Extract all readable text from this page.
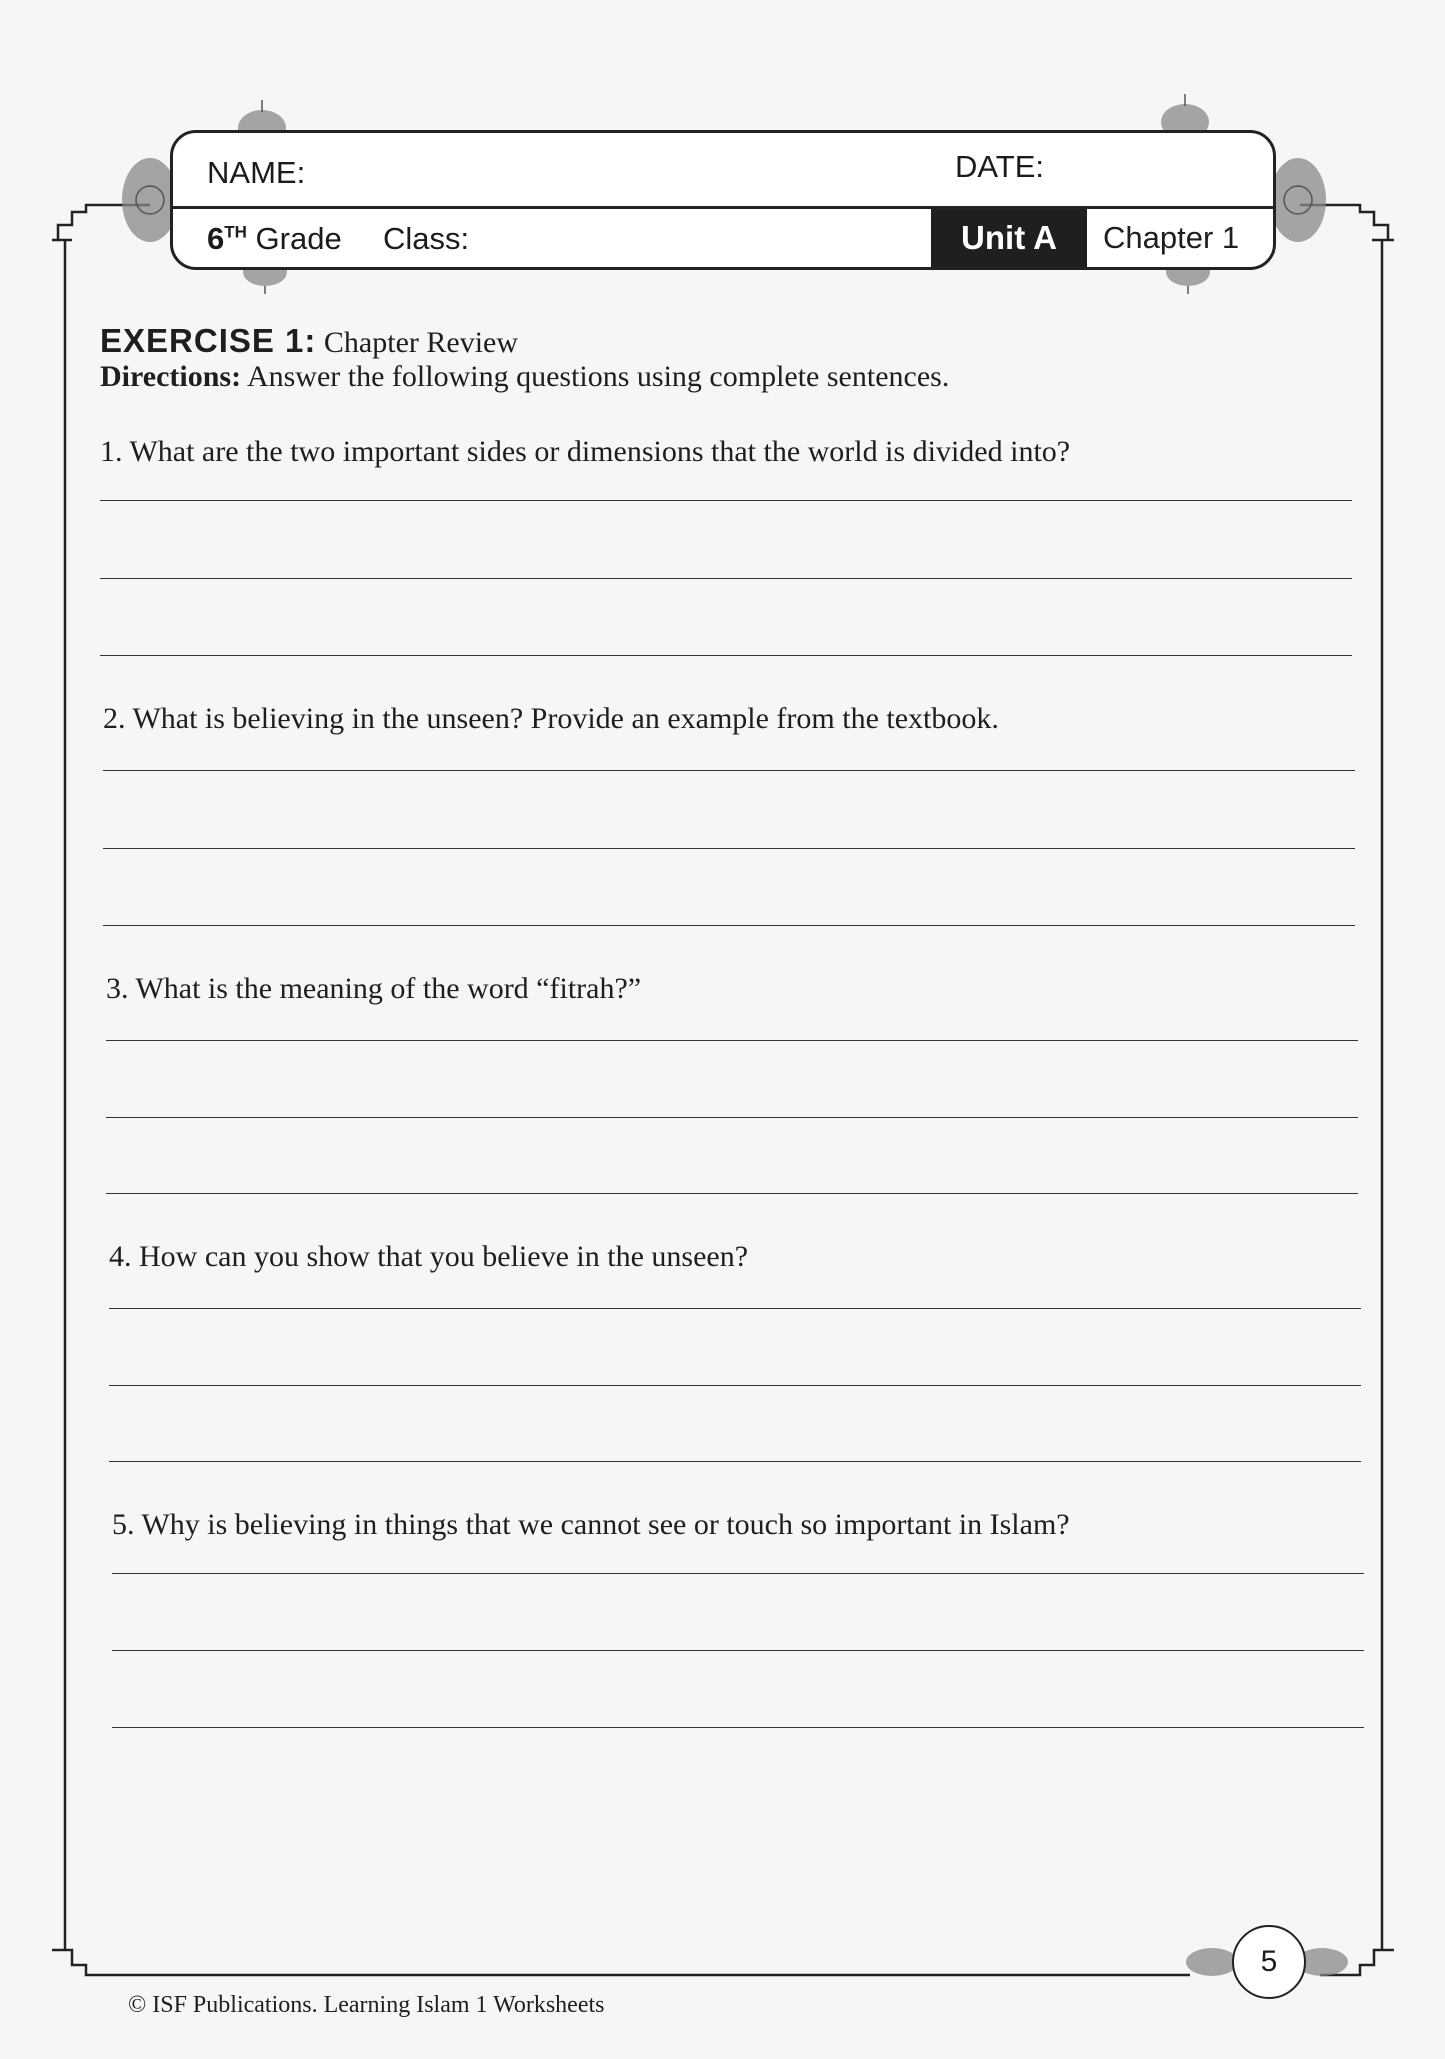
NAME:	DATE:
6TH Grade Class:	Unit A	Chapter 1
EXERCISE 1: Chapter Review
Directions: Answer the following questions using complete sentences.
1. What are the two important sides or dimensions that the world is divided into?
2. What is believing in the unseen? Provide an example from the textbook.
3. What is the meaning of the word “fitrah?”
4. How can you show that you believe in the unseen?
5. Why is believing in things that we cannot see or touch so important in Islam?
5
© ISF Publications. Learning Islam 1 Worksheets
